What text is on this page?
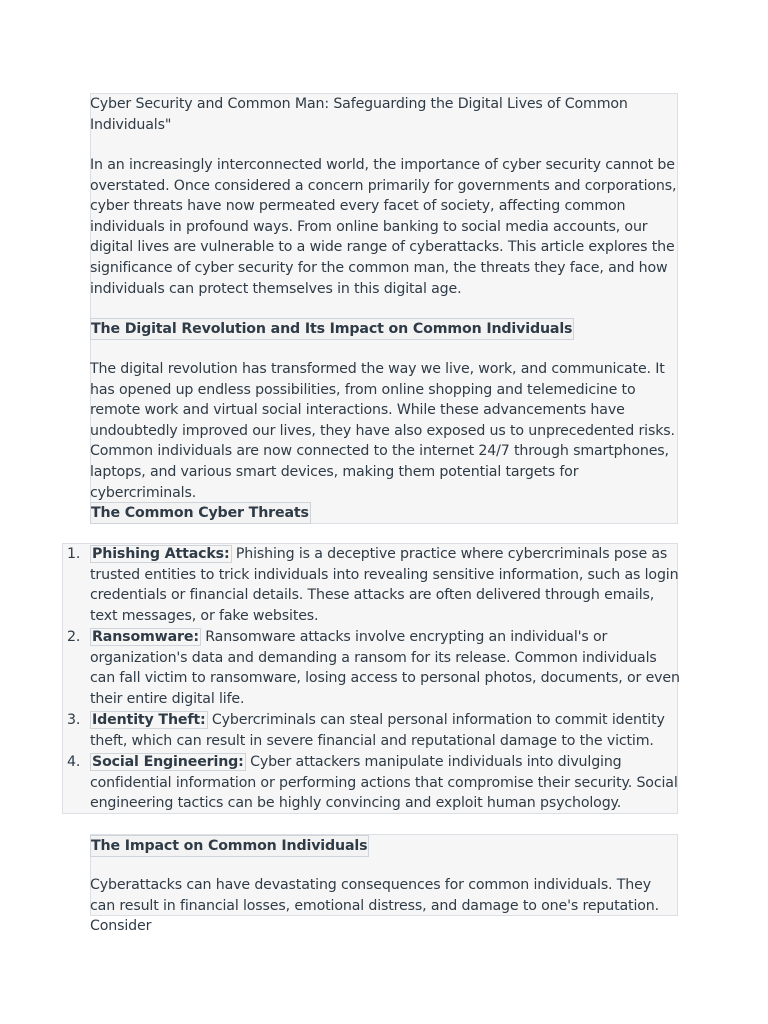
Cyber Security and Common Man: Safeguarding the Digital Lives of Common Individuals"

In an increasingly interconnected world, the importance of cyber security cannot be overstated. Once considered a concern primarily for governments and corporations, cyber threats have now permeated every facet of society, affecting common individuals in profound ways. From online banking to social media accounts, our digital lives are vulnerable to a wide range of cyberattacks. This article explores the significance of cyber security for the common man, the threats they face, and how individuals can protect themselves in this digital age.

The Digital Revolution and Its Impact on Common Individuals

The digital revolution has transformed the way we live, work, and communicate. It has opened up endless possibilities, from online shopping and telemedicine to remote work and virtual social interactions. While these advancements have undoubtedly improved our lives, they have also exposed us to unprecedented risks. Common individuals are now connected to the internet 24/7 through smartphones, laptops, and various smart devices, making them potential targets for cybercriminals.

The Common Cyber Threats
1. Phishing Attacks: Phishing is a deceptive practice where cybercriminals pose as trusted entities to trick individuals into revealing sensitive information, such as login credentials or financial details. These attacks are often delivered through emails, text messages, or fake websites.
2. Ransomware: Ransomware attacks involve encrypting an individual's or organization's data and demanding a ransom for its release. Common individuals can fall victim to ransomware, losing access to personal photos, documents, or even their entire digital life.
3. Identity Theft: Cybercriminals can steal personal information to commit identity theft, which can result in severe financial and reputational damage to the victim.
4. Social Engineering: Cyber attackers manipulate individuals into divulging confidential information or performing actions that compromise their security. Social engineering tactics can be highly convincing and exploit human psychology.
The Impact on Common Individuals

Cyberattacks can have devastating consequences for common individuals. They can result in financial losses, emotional distress, and damage to one's reputation. Consider
